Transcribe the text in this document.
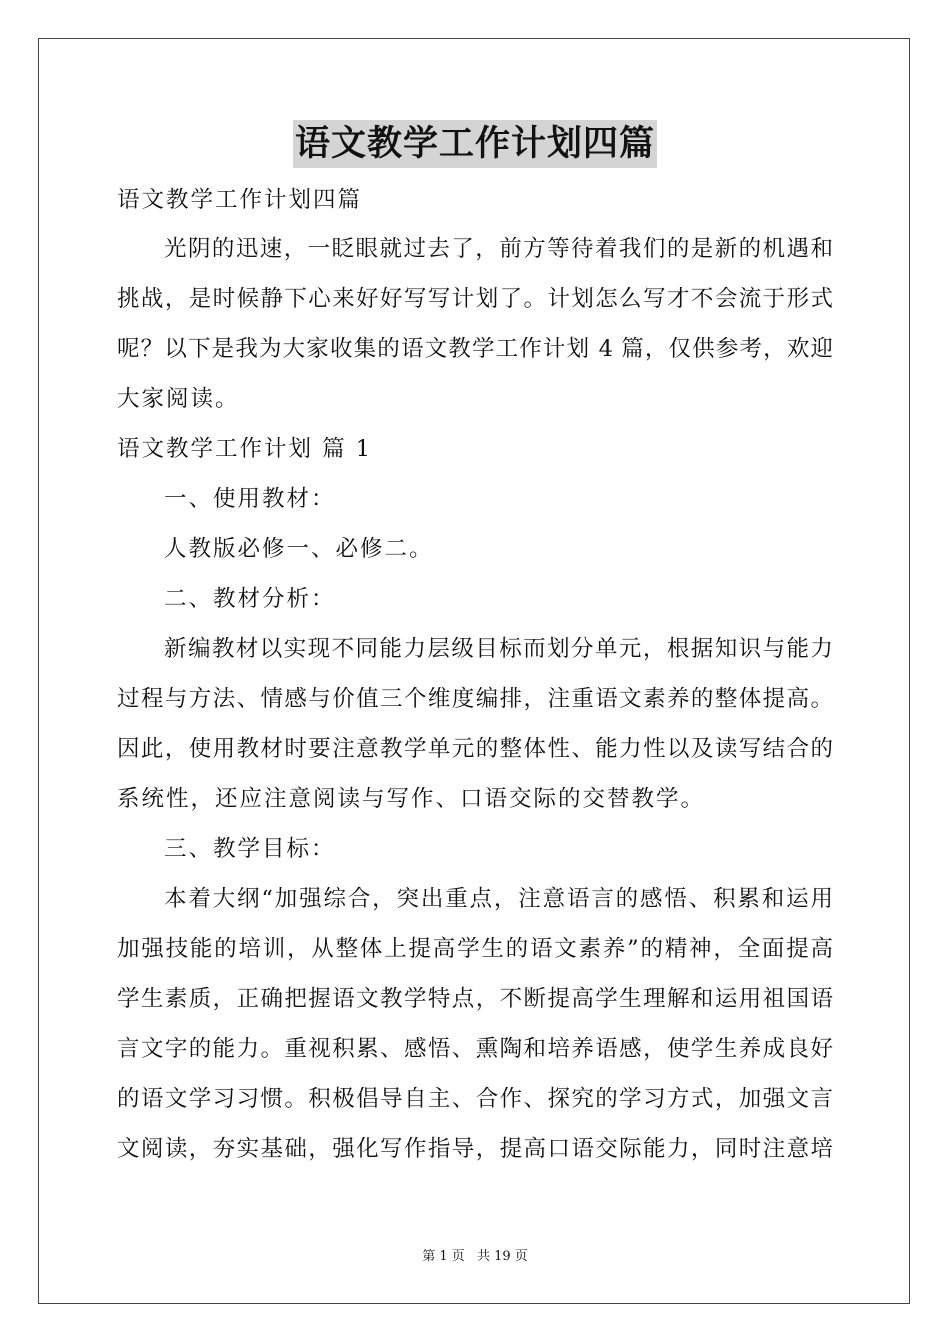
语文教学工作计划四篇
语文教学工作计划四篇
光阴的迅速，一眨眼就过去了，前方等待着我们的是新的机遇和
挑战，是时候静下心来好好写写计划了。计划怎么写才不会流于形式
呢？以下是我为大家收集的语文教学工作计划 4 篇，仅供参考，欢迎
大家阅读。
语文教学工作计划 篇 1
一、使用教材：
人教版必修一、必修二。
二、教材分析：
新编教材以实现不同能力层级目标而划分单元，根据知识与能力
过程与方法、情感与价值三个维度编排，注重语文素养的整体提高。
因此，使用教材时要注意教学单元的整体性、能力性以及读写结合的
系统性，还应注意阅读与写作、口语交际的交替教学。
三、教学目标：
本着大纲“加强综合，突出重点，注意语言的感悟、积累和运用
加强技能的培训，从整体上提高学生的语文素养”的精神，全面提高
学生素质，正确把握语文教学特点，不断提高学生理解和运用祖国语
言文字的能力。重视积累、感悟、熏陶和培养语感，使学生养成良好
的语文学习习惯。积极倡导自主、合作、探究的学习方式，加强文言
文阅读，夯实基础，强化写作指导，提高口语交际能力，同时注意培
第 1 页 共 19 页
